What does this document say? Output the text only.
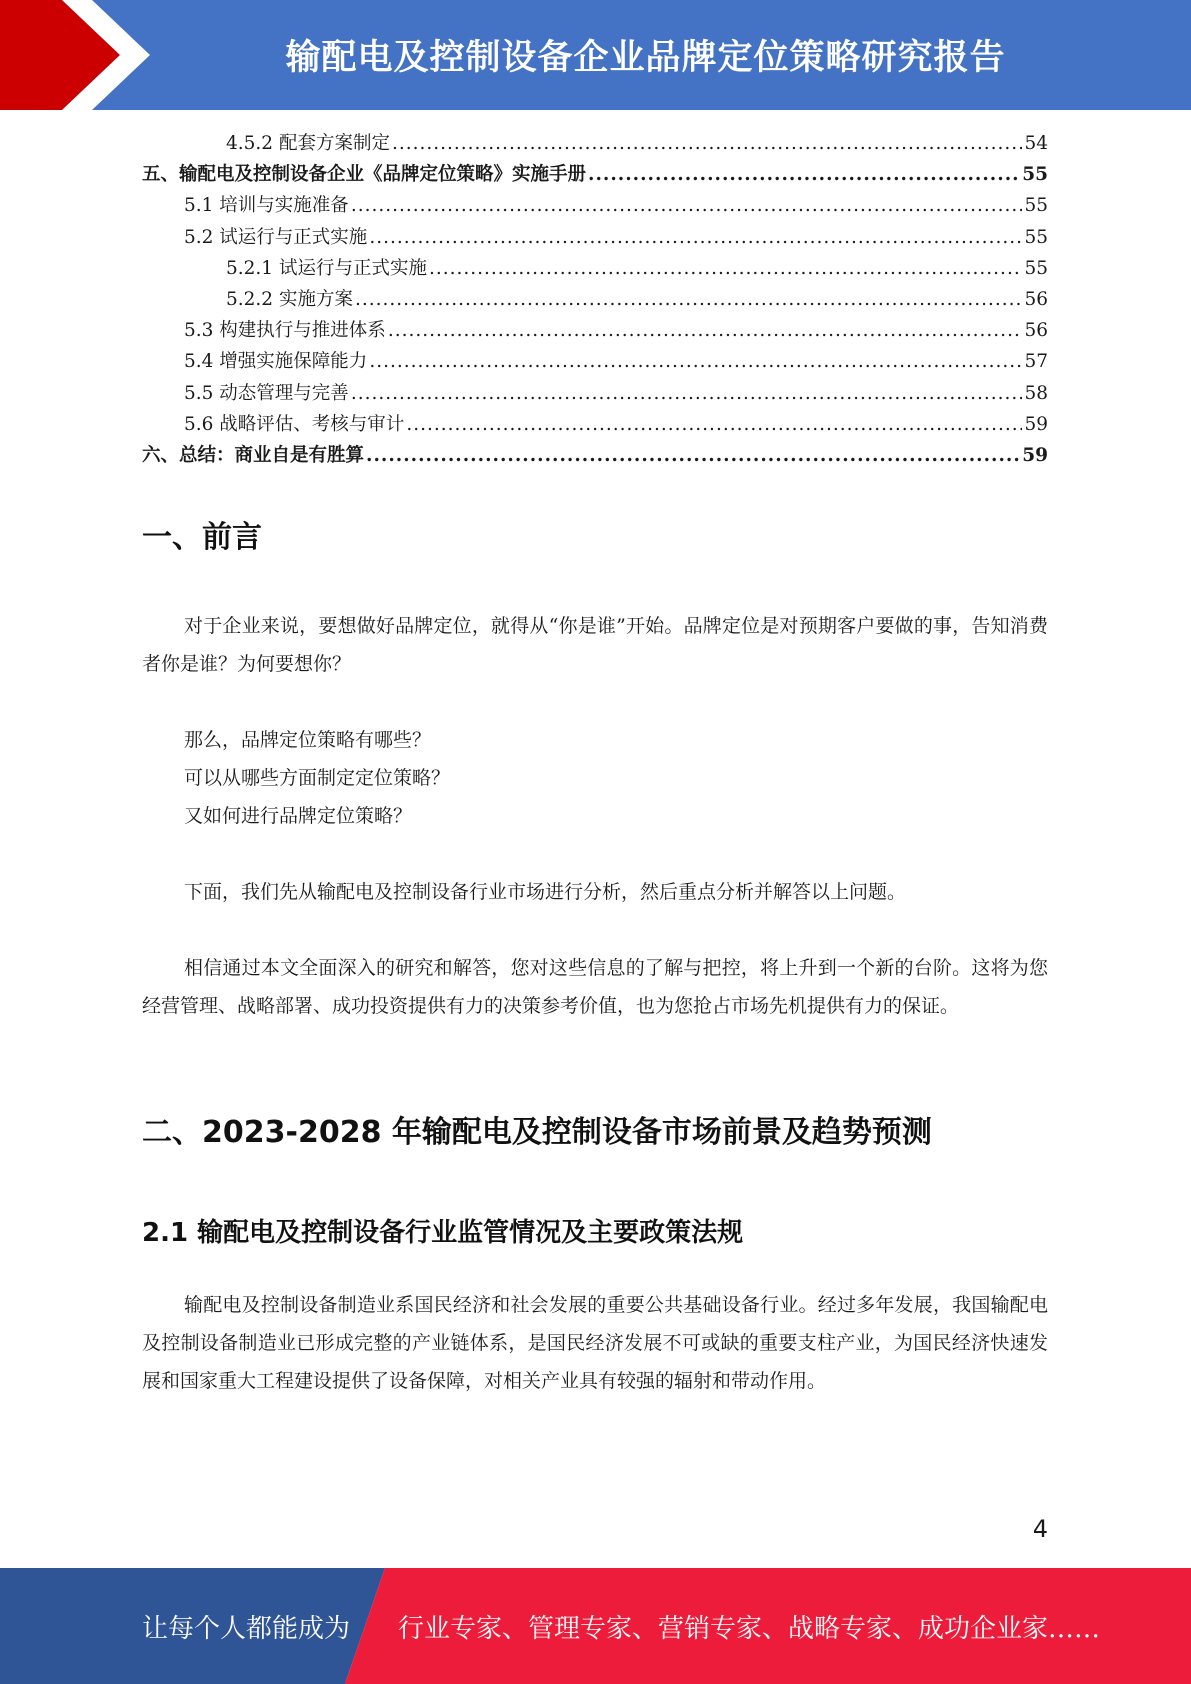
输配电及控制设备企业品牌定位策略研究报告
4.5.2 配套方案制定 .....	54
五、输配电及控制设备企业《品牌定位策略》实施手册 .....	55
5.1 培训与实施准备 .....	55
5.2 试运行与正式实施 .....	55
5.2.1 试运行与正式实施 .....	55
5.2.2 实施方案 .....	56
5.3 构建执行与推进体系 .....	56
5.4 增强实施保障能力 .....	57
5.5 动态管理与完善 .....	58
5.6 战略评估、考核与审计 .....	59
六、总结：商业自是有胜算 .....	59
一、前言

对于企业来说，要想做好品牌定位，就得从“你是谁”开始。品牌定位是对预期客户要做的事，告知消费者你是谁？为何要想你？

那么，品牌定位策略有哪些？

可以从哪些方面制定定位策略？

又如何进行品牌定位策略？

下面，我们先从输配电及控制设备行业市场进行分析，然后重点分析并解答以上问题。

相信通过本文全面深入的研究和解答，您对这些信息的了解与把控，将上升到一个新的台阶。这将为您经营管理、战略部署、成功投资提供有力的决策参考价值，也为您抢占市场先机提供有力的保证。

二、2023-2028 年输配电及控制设备市场前景及趋势预测
2.1 输配电及控制设备行业监管情况及主要政策法规

输配电及控制设备制造业系国民经济和社会发展的重要公共基础设备行业。经过多年发展，我国输配电及控制设备制造业已形成完整的产业链体系，是国民经济发展不可或缺的重要支柱产业，为国民经济快速发展和国家重大工程建设提供了设备保障，对相关产业具有较强的辐射和带动作用。

4
让每个人都能成为 行业专家、管理专家、营销专家、战略专家、成功企业家……
